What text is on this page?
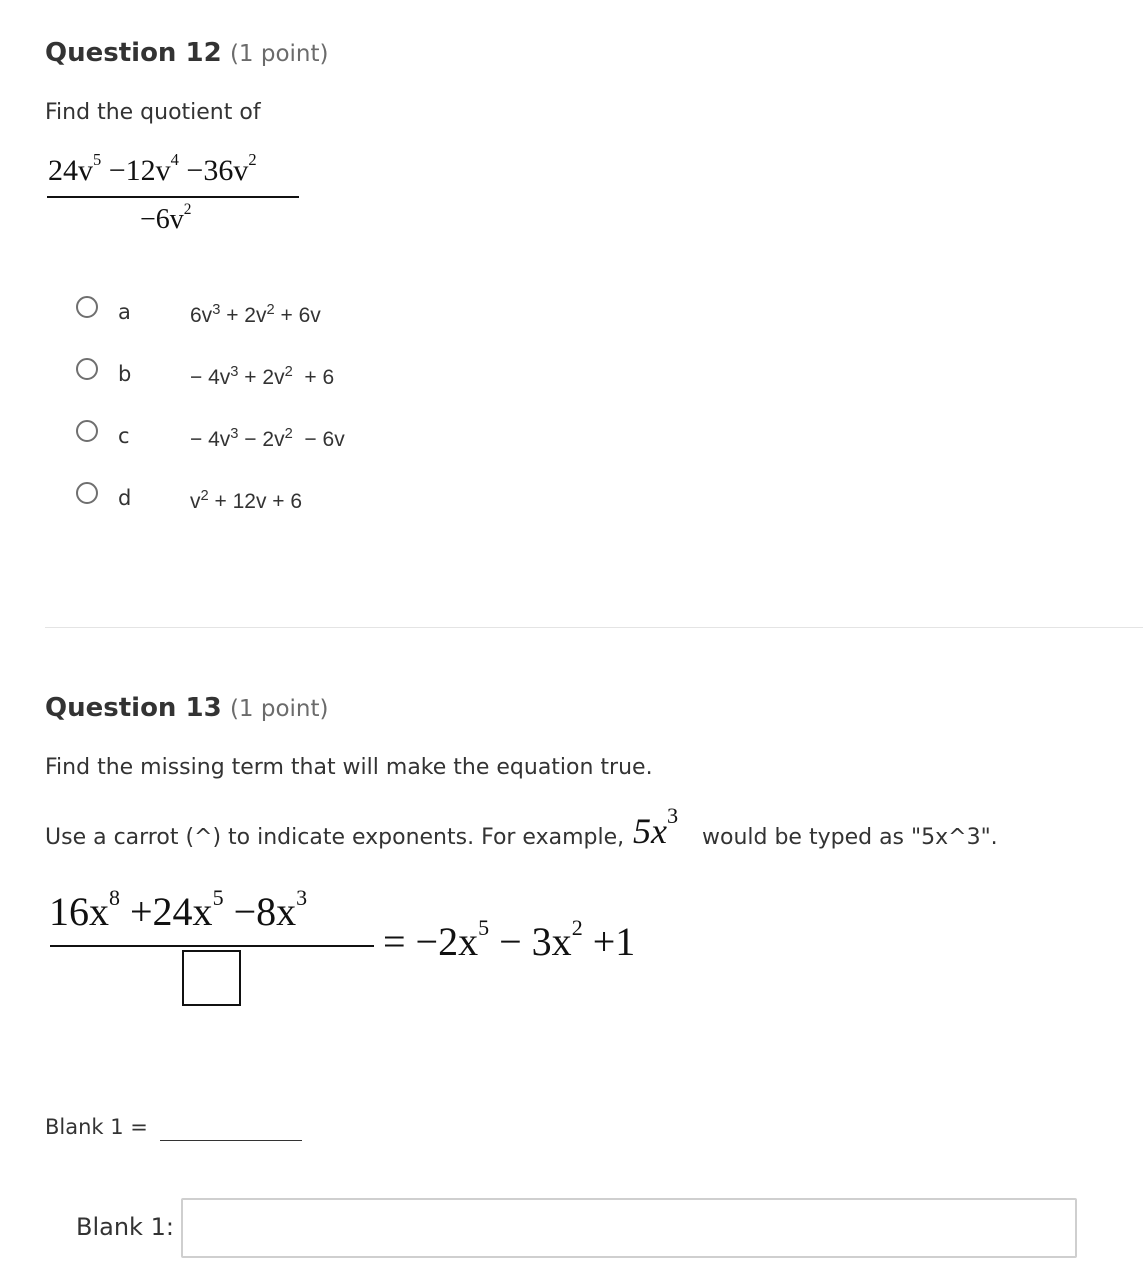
Question 12 (1 point)
Find the quotient of
$24v^5 -12v^4 -36v^2$
$-6v^2$
a	$6v^3 + 2v^2 + 6v$
b	− $4v^3 + 2v^2 + 6$
c	− $4v^3 - 2v^2 - 6v$
d	$v^2 + 12v + 6$
Question 13 (1 point)
Find the missing term that will make the equation true.
Use a carrot (^) to indicate exponents. For example, $5x^3$
would be typed as "5x^3".
$16x^8 +24x^5 -8x^3$
= $-2x^5 - 3x^2 +1$
Blank 1 =
Blank 1:
